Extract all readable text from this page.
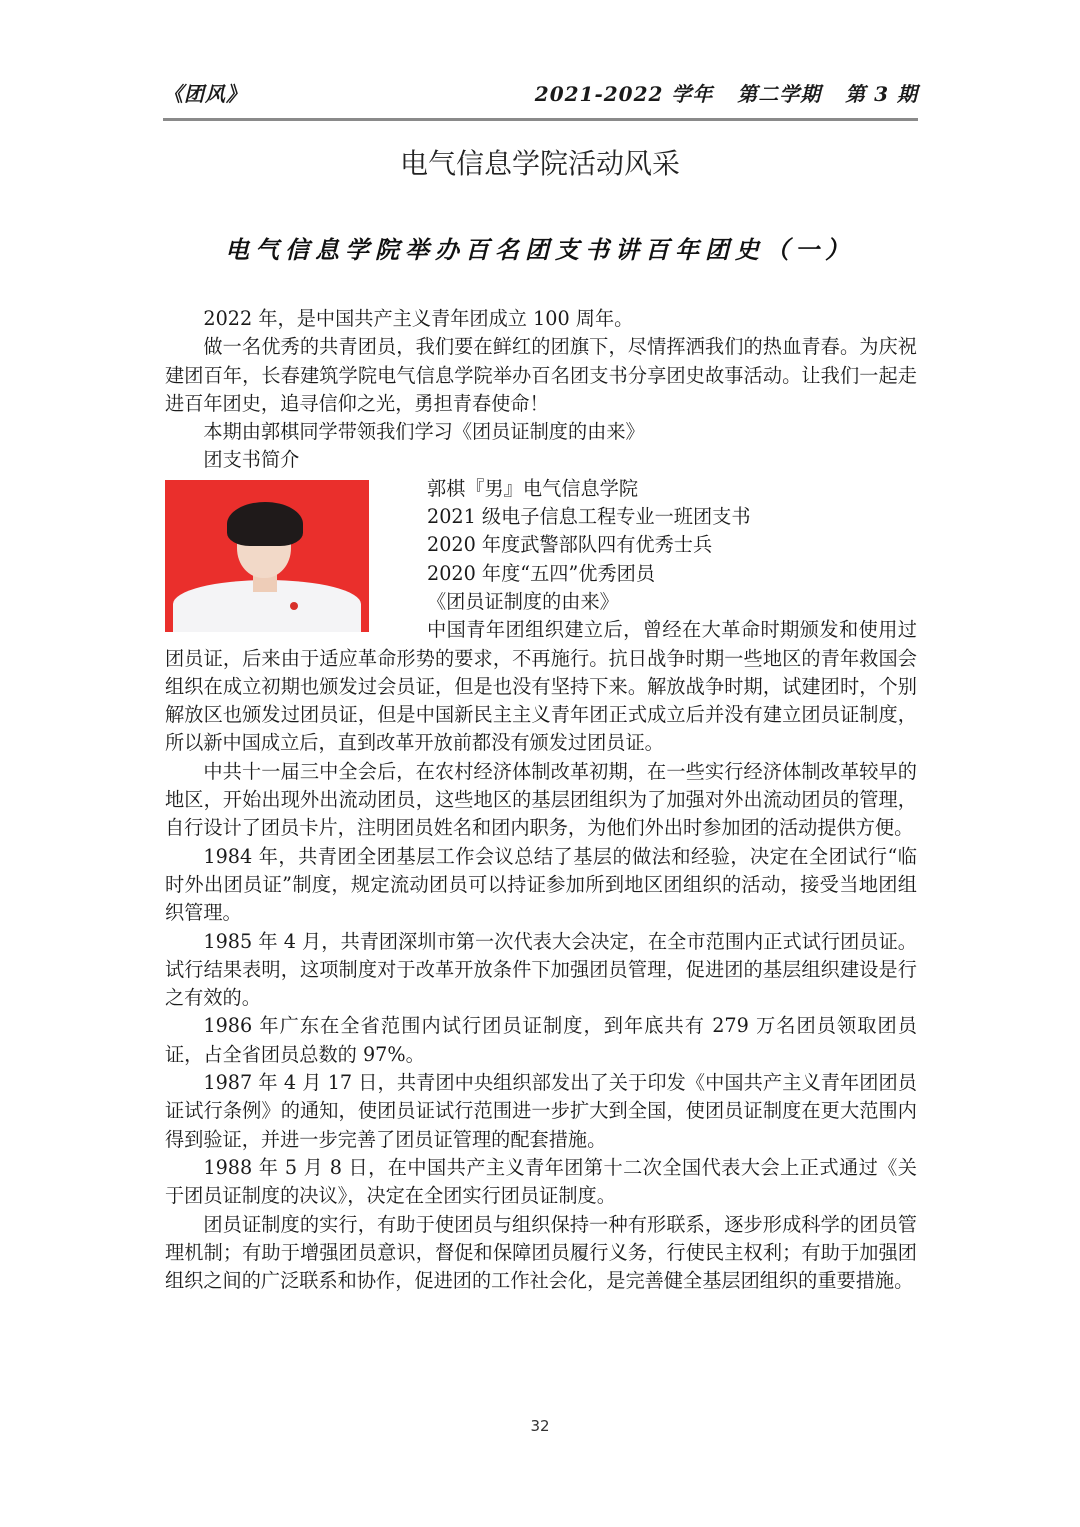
《团风》	2021-2022 学年   第二学期   第 3 期
电气信息学院活动风采
电气信息学院举办百名团支书讲百年团史（一）

2022 年，是中国共产主义青年团成立 100 周年。

做一名优秀的共青团员，我们要在鲜红的团旗下，尽情挥洒我们的热血青春。为庆祝建团百年，长春建筑学院电气信息学院举办百名团支书分享团史故事活动。让我们一起走进百年团史，追寻信仰之光，勇担青春使命！

本期由郭棋同学带领我们学习《团员证制度的由来》

团支书简介

郭棋『男』电气信息学院
2021 级电子信息工程专业一班团支书
2020 年度武警部队四有优秀士兵
2020 年度“五四”优秀团员
《团员证制度的由来》

中国青年团组织建立后，曾经在大革命时期颁发和使用过团员证，后来由于适应革命形势的要求，不再施行。抗日战争时期一些地区的青年救国会组织在成立初期也颁发过会员证，但是也没有坚持下来。解放战争时期，试建团时，个别解放区也颁发过团员证，但是中国新民主主义青年团正式成立后并没有建立团员证制度，所以新中国成立后，直到改革开放前都没有颁发过团员证。

中共十一届三中全会后，在农村经济体制改革初期，在一些实行经济体制改革较早的地区，开始出现外出流动团员，这些地区的基层团组织为了加强对外出流动团员的管理，自行设计了团员卡片，注明团员姓名和团内职务，为他们外出时参加团的活动提供方便。

1984 年，共青团全团基层工作会议总结了基层的做法和经验，决定在全团试行“临时外出团员证”制度，规定流动团员可以持证参加所到地区团组织的活动，接受当地团组织管理。

1985 年 4 月，共青团深圳市第一次代表大会决定，在全市范围内正式试行团员证。试行结果表明，这项制度对于改革开放条件下加强团员管理，促进团的基层组织建设是行之有效的。

1986 年广东在全省范围内试行团员证制度，到年底共有 279 万名团员领取团员证，占全省团员总数的 97%。

1987 年 4 月 17 日，共青团中央组织部发出了关于印发《中国共产主义青年团团员证试行条例》的通知，使团员证试行范围进一步扩大到全国，使团员证制度在更大范围内得到验证，并进一步完善了团员证管理的配套措施。

1988 年 5 月 8 日，在中国共产主义青年团第十二次全国代表大会上正式通过《关于团员证制度的决议》，决定在全团实行团员证制度。

团员证制度的实行，有助于使团员与组织保持一种有形联系，逐步形成科学的团员管理机制；有助于增强团员意识，督促和保障团员履行义务，行使民主权利；有助于加强团组织之间的广泛联系和协作，促进团的工作社会化，是完善健全基层团组织的重要措施。

32
